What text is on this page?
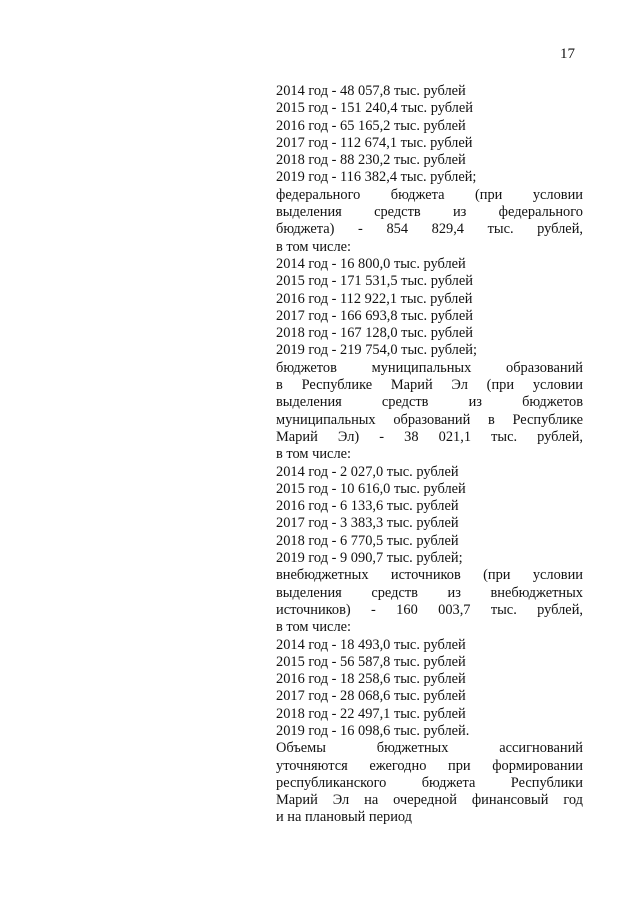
17
2014 год - 48 057,8 тыс. рублей
2015 год - 151 240,4 тыс. рублей
2016 год - 65 165,2 тыс. рублей
2017 год - 112 674,1 тыс. рублей
2018 год - 88 230,2 тыс. рублей
2019 год - 116 382,4 тыс. рублей;
федерального бюджета (при условии
выделения средств из федерального
бюджета) - 854 829,4 тыс. рублей,
в том числе:
2014 год - 16 800,0 тыс. рублей
2015 год - 171 531,5 тыс. рублей
2016 год - 112 922,1 тыс. рублей
2017 год - 166 693,8 тыс. рублей
2018 год - 167 128,0 тыс. рублей
2019 год - 219 754,0 тыс. рублей;
бюджетов муниципальных образований
в Республике Марий Эл (при условии
выделения средств из бюджетов
муниципальных образований в Республике
Марий Эл) - 38 021,1 тыс. рублей,
в том числе:
2014 год - 2 027,0 тыс. рублей
2015 год - 10 616,0 тыс. рублей
2016 год - 6 133,6 тыс. рублей
2017 год - 3 383,3 тыс. рублей
2018 год - 6 770,5 тыс. рублей
2019 год - 9 090,7 тыс. рублей;
внебюджетных источников (при условии
выделения средств из внебюджетных
источников) - 160 003,7 тыс. рублей,
в том числе:
2014 год - 18 493,0 тыс. рублей
2015 год - 56 587,8 тыс. рублей
2016 год - 18 258,6 тыс. рублей
2017 год - 28 068,6 тыс. рублей
2018 год - 22 497,1 тыс. рублей
2019 год - 16 098,6 тыс. рублей.
Объемы бюджетных ассигнований
уточняются ежегодно при формировании
республиканского бюджета Республики
Марий Эл на очередной финансовый год
и на плановый период
